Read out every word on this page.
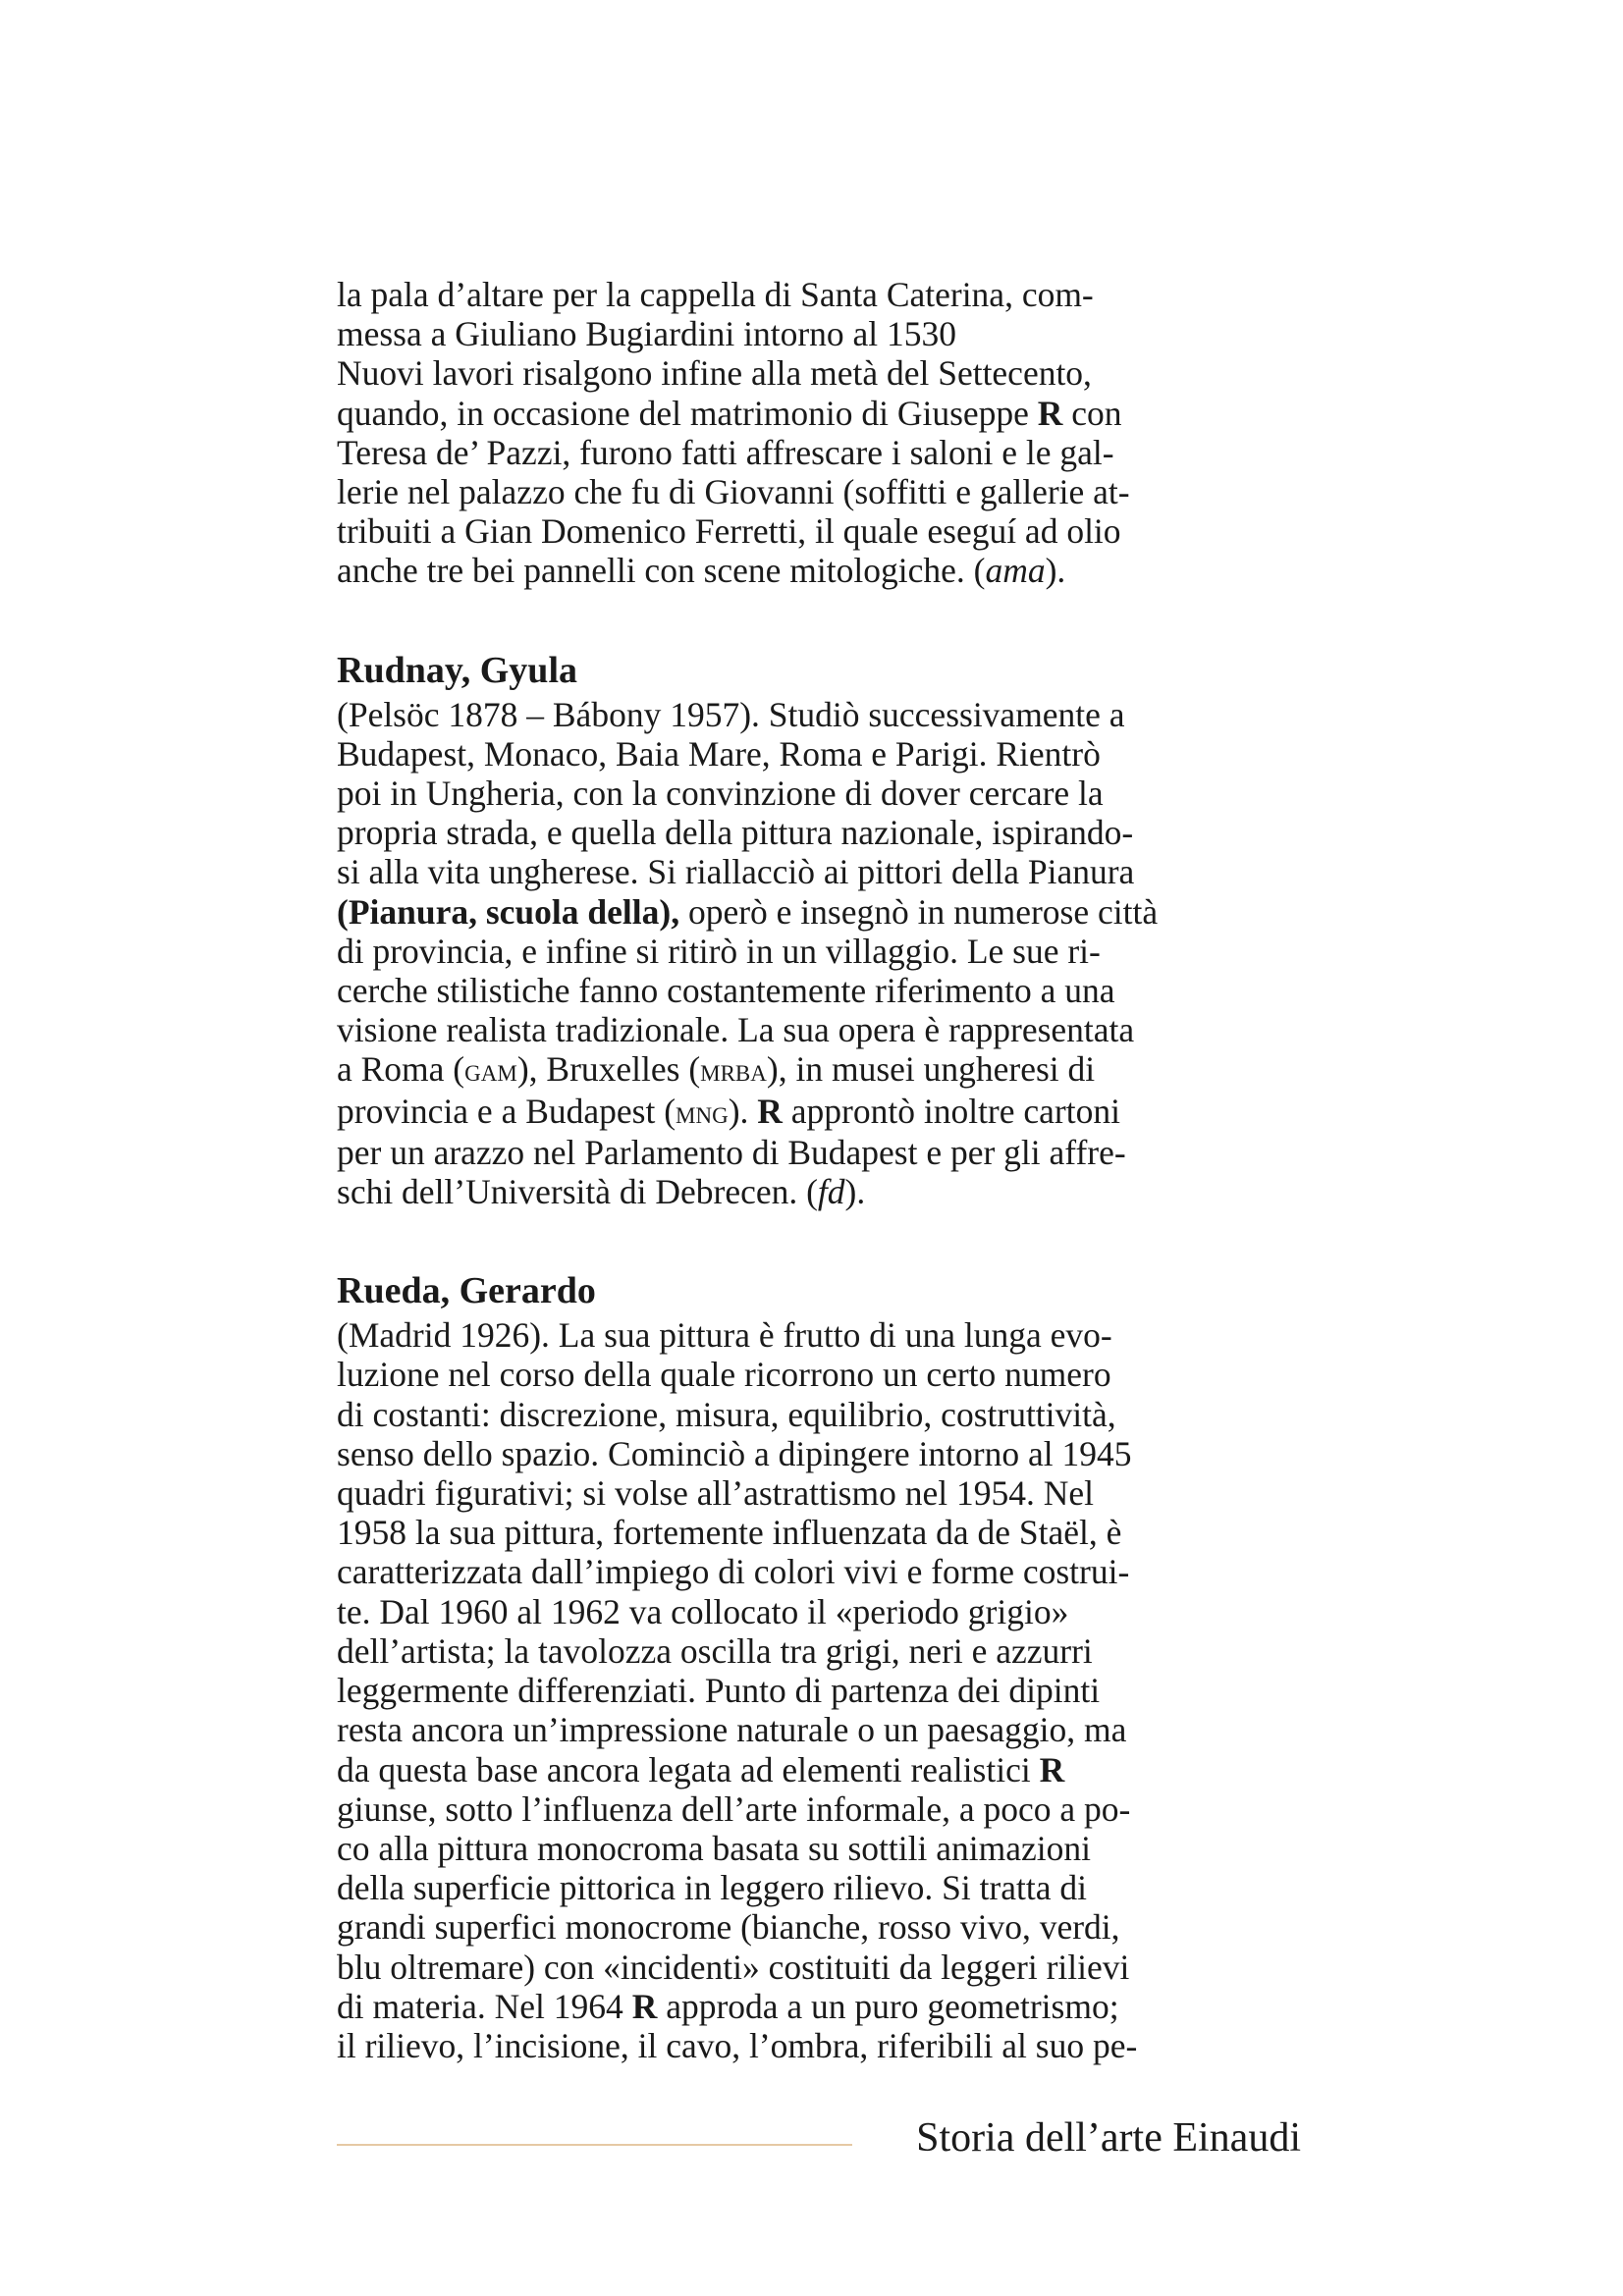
la pala d’altare per la cappella di Santa Caterina, com-
messa a Giuliano Bugiardini intorno al 1530
Nuovi lavori risalgono infine alla metà del Settecento,
quando, in occasione del matrimonio di Giuseppe R con
Teresa de’ Pazzi, furono fatti affrescare i saloni e le gal-
lerie nel palazzo che fu di Giovanni (soffitti e gallerie at-
tribuiti a Gian Domenico Ferretti, il quale eseguí ad olio
anche tre bei pannelli con scene mitologiche. (ama).
Rudnay, Gyula
(Pelsöc 1878 – Bábony 1957). Studiò successivamente a
Budapest, Monaco, Baia Mare, Roma e Parigi. Rientrò
poi in Ungheria, con la convinzione di dover cercare la
propria strada, e quella della pittura nazionale, ispirando-
si alla vita ungherese. Si riallacciò ai pittori della Pianura
(Pianura, scuola della), operò e insegnò in numerose città
di provincia, e infine si ritirò in un villaggio. Le sue ri-
cerche stilistiche fanno costantemente riferimento a una
visione realista tradizionale. La sua opera è rappresentata
a Roma (gam), Bruxelles (mrba), in musei ungheresi di
provincia e a Budapest (mng). R approntò inoltre cartoni
per un arazzo nel Parlamento di Budapest e per gli affre-
schi dell’Università di Debrecen. (fd).
Rueda, Gerardo
(Madrid 1926). La sua pittura è frutto di una lunga evo-
luzione nel corso della quale ricorrono un certo numero
di costanti: discrezione, misura, equilibrio, costruttività,
senso dello spazio. Cominciò a dipingere intorno al 1945
quadri figurativi; si volse all’astrattismo nel 1954. Nel
1958 la sua pittura, fortemente influenzata da de Staël, è
caratterizzata dall’impiego di colori vivi e forme costrui-
te. Dal 1960 al 1962 va collocato il «periodo grigio»
dell’artista; la tavolozza oscilla tra grigi, neri e azzurri
leggermente differenziati. Punto di partenza dei dipinti
resta ancora un’impressione naturale o un paesaggio, ma
da questa base ancora legata ad elementi realistici R
giunse, sotto l’influenza dell’arte informale, a poco a po-
co alla pittura monocroma basata su sottili animazioni
della superficie pittorica in leggero rilievo. Si tratta di
grandi superfici monocrome (bianche, rosso vivo, verdi,
blu oltremare) con «incidenti» costituiti da leggeri rilievi
di materia. Nel 1964 R approda a un puro geometrismo;
il rilievo, l’incisione, il cavo, l’ombra, riferibili al suo pe-
Storia dell’arte Einaudi
